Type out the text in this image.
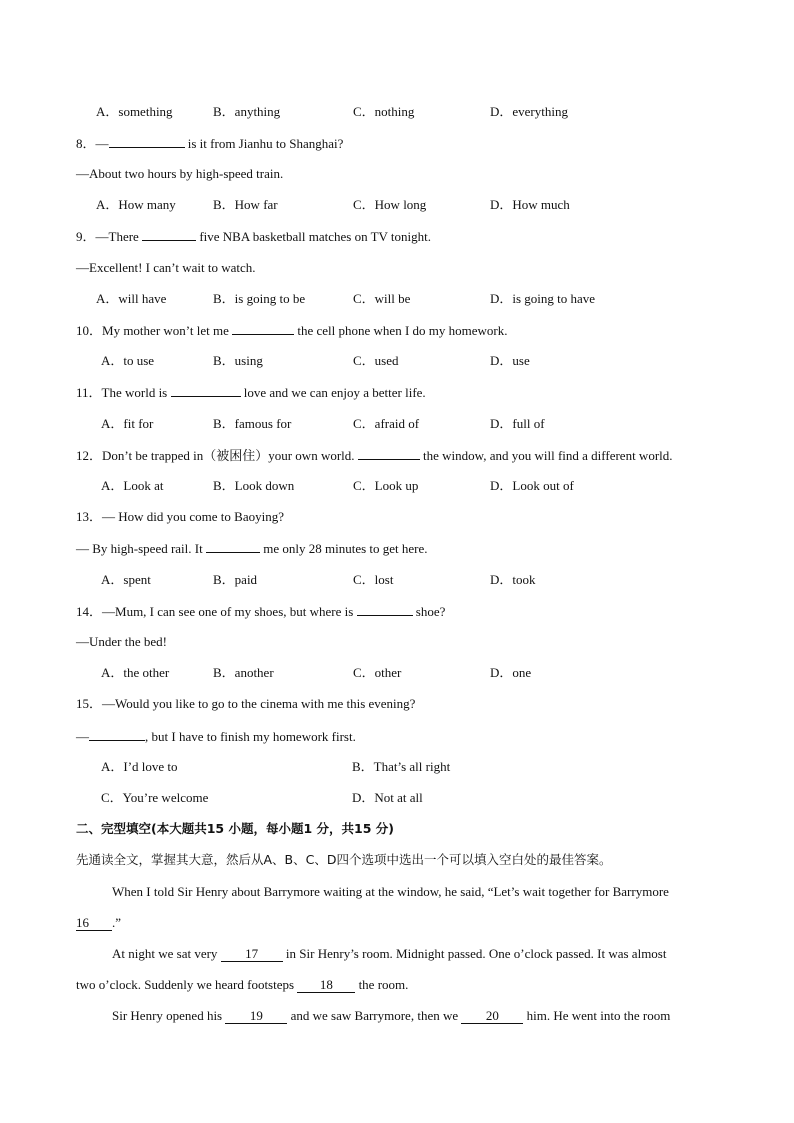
A．something	B．anything	C．nothing	D．everything
8．—	is it from Jianhu to Shanghai?
—About two hours by high-speed train.
A．How many	B．How far	C．How long	D．How much
9．—There	five NBA basketball matches on TV tonight.
—Excellent! I can’t wait to watch.
A．will have	B．is going to be	C．will be	D．is going to have
10．My mother won’t let me	the cell phone when I do my homework.
A．to use	B．using	C．used	D．use
11．The world is	love and we can enjoy a better life.
A．fit for	B．famous for	C．afraid of	D．full of
12．Don’t be trapped in（被困住）your own world.	the window, and you will find a different world.
A．Look at	B．Look down	C．Look up	D．Look out of
13．— How did you come to Baoying?
— By high-speed rail. It	me only 28 minutes to get here.
A．spent	B．paid	C．lost	D．took
14．—Mum, I can see one of my shoes, but where is	shoe?
—Under the bed!
A．the other	B．another	C．other	D．one
15．—Would you like to go to the cinema with me this evening?
—	, but I have to finish my homework first.
A．I’d love to	B．That’s all right
C．You’re welcome	D．Not at all
二、完型填空(本大题共15 小题，每小题1 分，共15 分)
先通读全文，掌握其大意，然后从A、B、C、D四个选项中选出一个可以填入空白处的最佳答案。
When I told Sir Henry about Barrymore waiting at the window, he said, “Let’s wait together for Barrymore
16 .”
At night we sat very 17 in Sir Henry’s room. Midnight passed. One o’clock passed. It was almost
two o’clock. Suddenly we heard footsteps 18 the room.
Sir Henry opened his 19 and we saw Barrymore, then we 20 him. He went into the room
